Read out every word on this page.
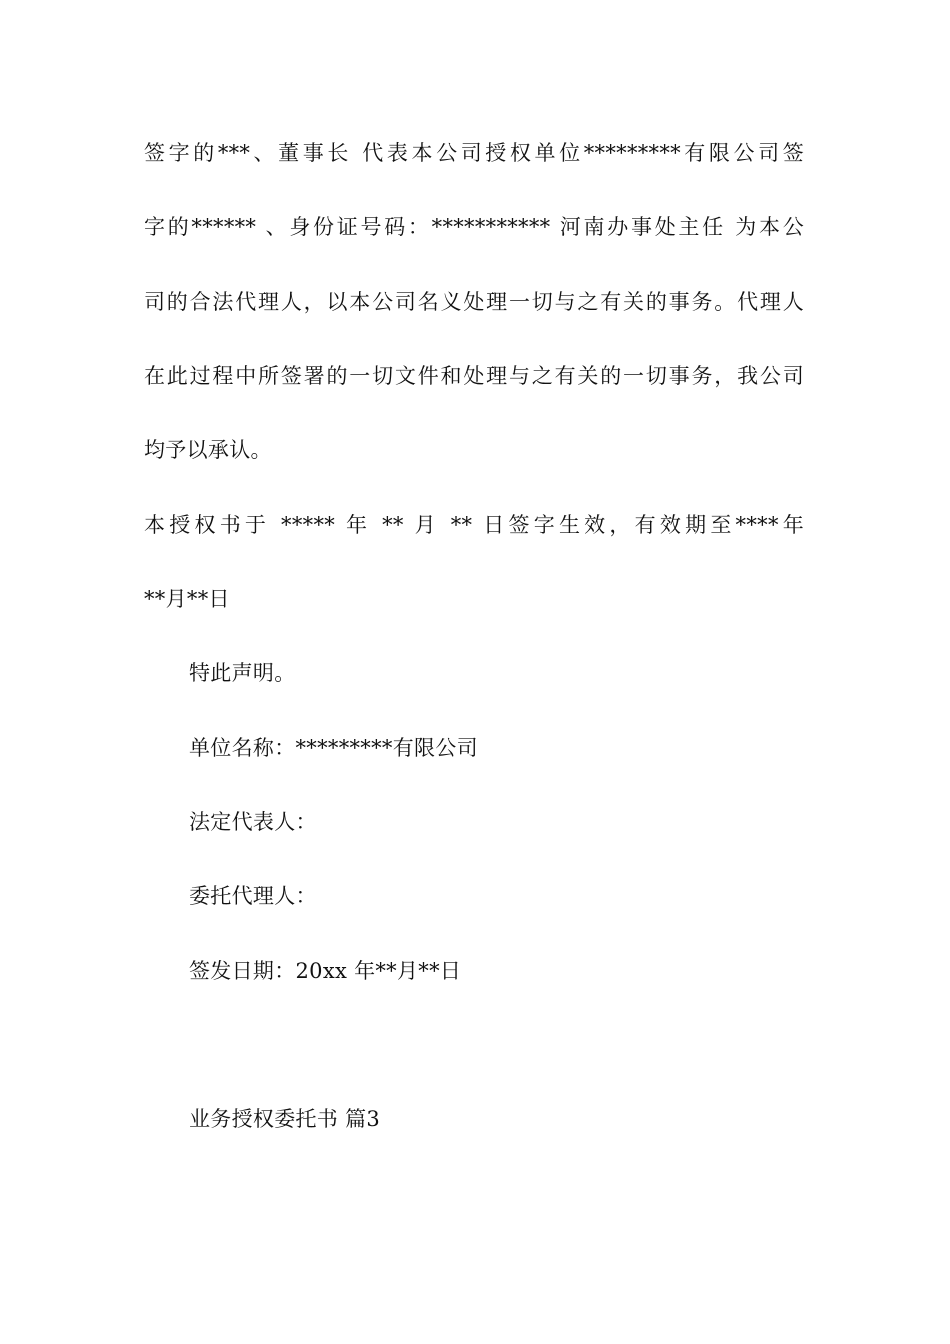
签字的***、董事长 代表本公司授权单位*********有限公司签
字的****** 、身份证号码：*********** 河南办事处主任 为本公
司的合法代理人，以本公司名义处理一切与之有关的事务。代理人
在此过程中所签署的一切文件和处理与之有关的一切事务，我公司
均予以承认。
本授权书于 ***** 年 ** 月 ** 日签字生效，有效期至****年
**月**日
特此声明。
单位名称：*********有限公司
法定代表人：
委托代理人：
签发日期：20xx 年**月**日
业务授权委托书 篇3
